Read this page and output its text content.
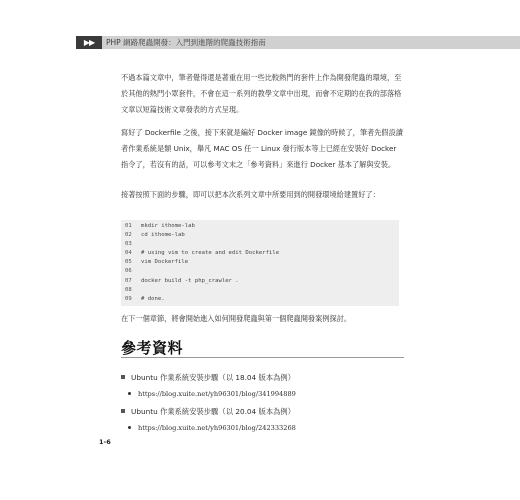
▶▶	PHP 網路爬蟲開發：入門到進階的爬蟲技術指南

不過本篇文章中，筆者覺得還是著重在用一些比較熱門的套件上作為開發爬蟲的環境，至於其他的熱門小眾套件，不會在這一系列的教學文章中出現，而會不定期的在我的部落格文章以短篇技術文章發表的方式呈現。

寫好了 Dockerfile 之後，接下來就是編好 Docker image 鏡像的時候了，筆者先假設讀者作業系統是類 Unix，舉凡 MAC OS 任一 Linux 發行版本等上已經在安裝好 Docker 指令了，若沒有的話，可以參考文末之「參考資料」來進行 Docker 基本了解與安裝。

接著按照下面的步驟，即可以把本次系列文章中所要用到的開發環境給建置好了：

01 mkdir ithome-lab
02 cd ithome-lab
03
04 # using vim to create and edit Dockerfile
05 vim Dockerfile
06
07 docker build -t php_crawler .
08
09 # done.

在下一個章節，將會開始進入如何開發爬蟲與第一個爬蟲開發案例探討。

參考資料
Ubuntu 作業系統安裝步驟（以 18.04 版本為例）
https://blog.xuite.net/yh96301/blog/341994889
Ubuntu 作業系統安裝步驟（以 20.04 版本為例）
https://blog.xuite.net/yh96301/blog/242333268
1-6
